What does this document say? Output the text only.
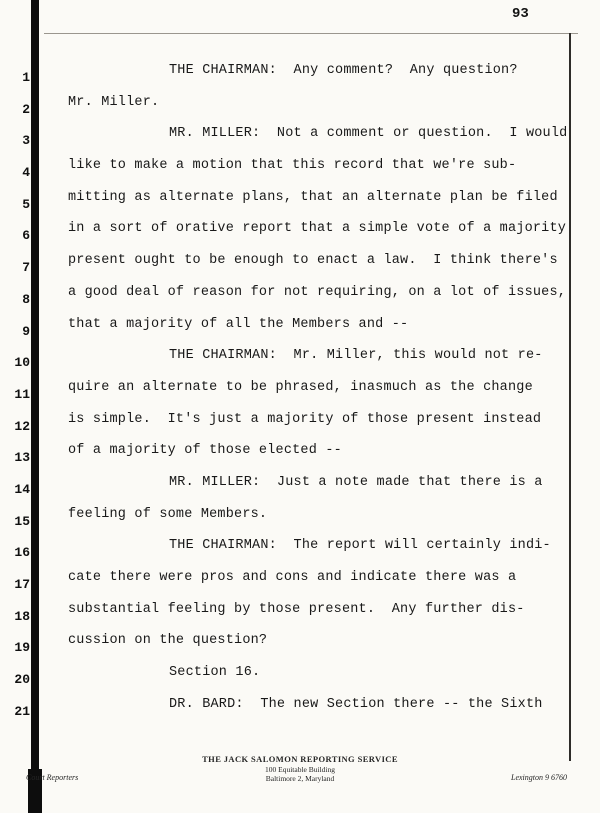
93
1	THE CHAIRMAN:  Any comment?  Any question?
2	Mr. Miller.
3	MR. MILLER:  Not a comment or question.  I would
4	like to make a motion that this record that we're sub-
5	mitting as alternate plans, that an alternate plan be filed
6	in a sort of orative report that a simple vote of a majority
7	present ought to be enough to enact a law.  I think there's
8	a good deal of reason for not requiring, on a lot of issues,
9	that a majority of all the Members and --
10	THE CHAIRMAN:  Mr. Miller, this would not re-
11	quire an alternate to be phrased, inasmuch as the change
12	is simple.  It's just a majority of those present instead
13	of a majority of those elected --
14	MR. MILLER:  Just a note made that there is a
15	feeling of some Members.
16	THE CHAIRMAN:  The report will certainly indi-
17	cate there were pros and cons and indicate there was a
18	substantial feeling by those present.  Any further dis-
19	cussion on the question?
20	Section 16.
21	DR. BARD:  The new Section there -- the Sixth
THE JACK SALOMON REPORTING SERVICE
100 Equitable Building
Baltimore 2, Maryland
Court Reporters	Lexington 9 6760
